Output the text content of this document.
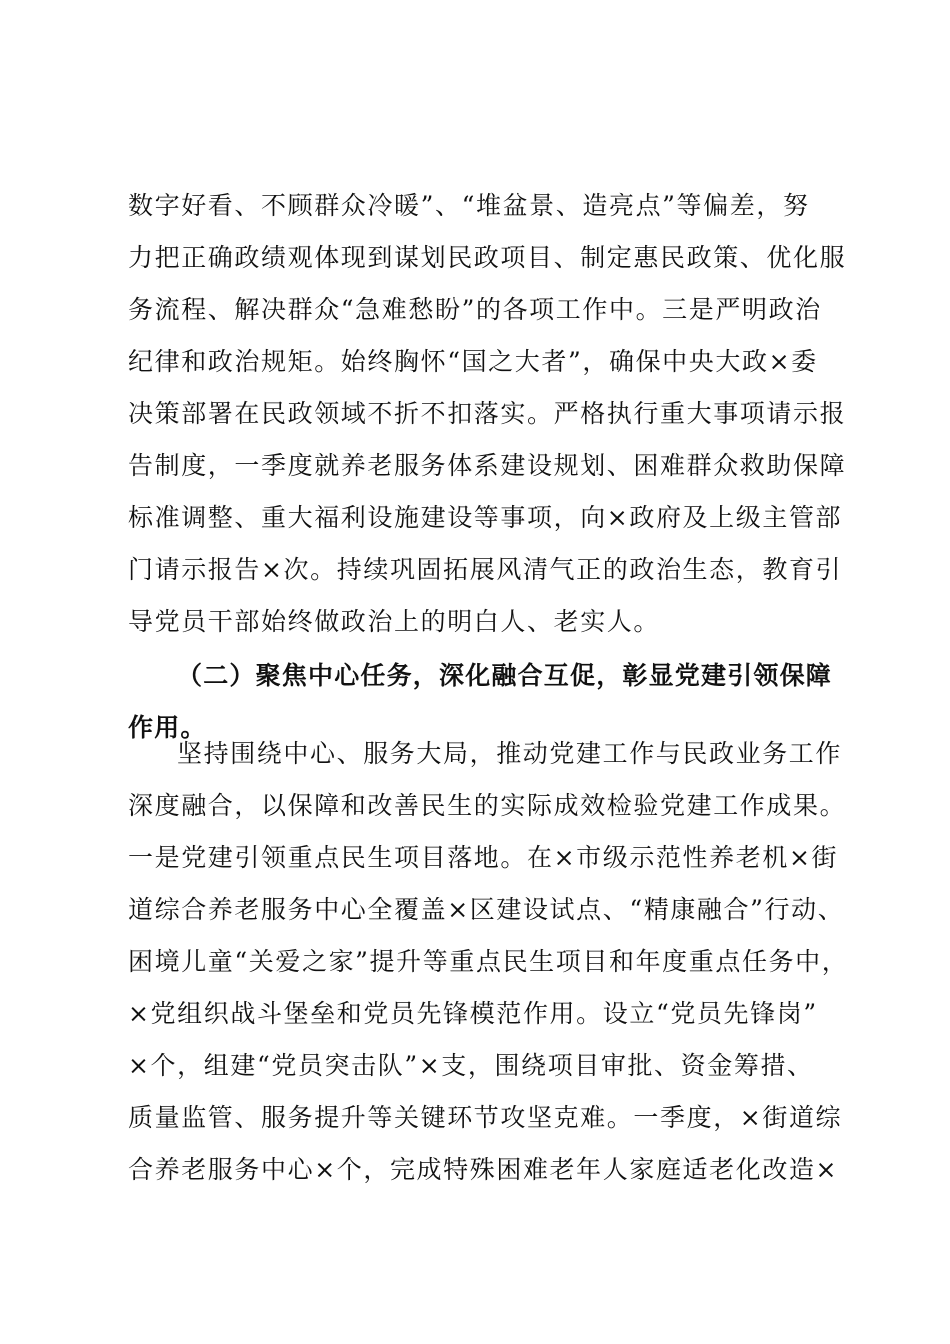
数字好看、不顾群众冷暖”、“堆盆景、造亮点”等偏差，努
力把正确政绩观体现到谋划民政项目、制定惠民政策、优化服
务流程、解决群众“急难愁盼”的各项工作中。三是严明政治
纪律和政治规矩。始终胸怀“国之大者”，确保中央大政×委
决策部署在民政领域不折不扣落实。严格执行重大事项请示报
告制度，一季度就养老服务体系建设规划、困难群众救助保障
标准调整、重大福利设施建设等事项，向×政府及上级主管部
门请示报告×次。持续巩固拓展风清气正的政治生态，教育引
导党员干部始终做政治上的明白人、老实人。
（二）聚焦中心任务，深化融合互促，彰显党建引领保障
作用。
坚持围绕中心、服务大局，推动党建工作与民政业务工作
深度融合，以保障和改善民生的实际成效检验党建工作成果。
一是党建引领重点民生项目落地。在×市级示范性养老机×街
道综合养老服务中心全覆盖×区建设试点、“精康融合”行动、
困境儿童“关爱之家”提升等重点民生项目和年度重点任务中，
×党组织战斗堡垒和党员先锋模范作用。设立“党员先锋岗”
×个，组建“党员突击队”×支，围绕项目审批、资金筹措、
质量监管、服务提升等关键环节攻坚克难。一季度，×街道综
合养老服务中心×个，完成特殊困难老年人家庭适老化改造×
